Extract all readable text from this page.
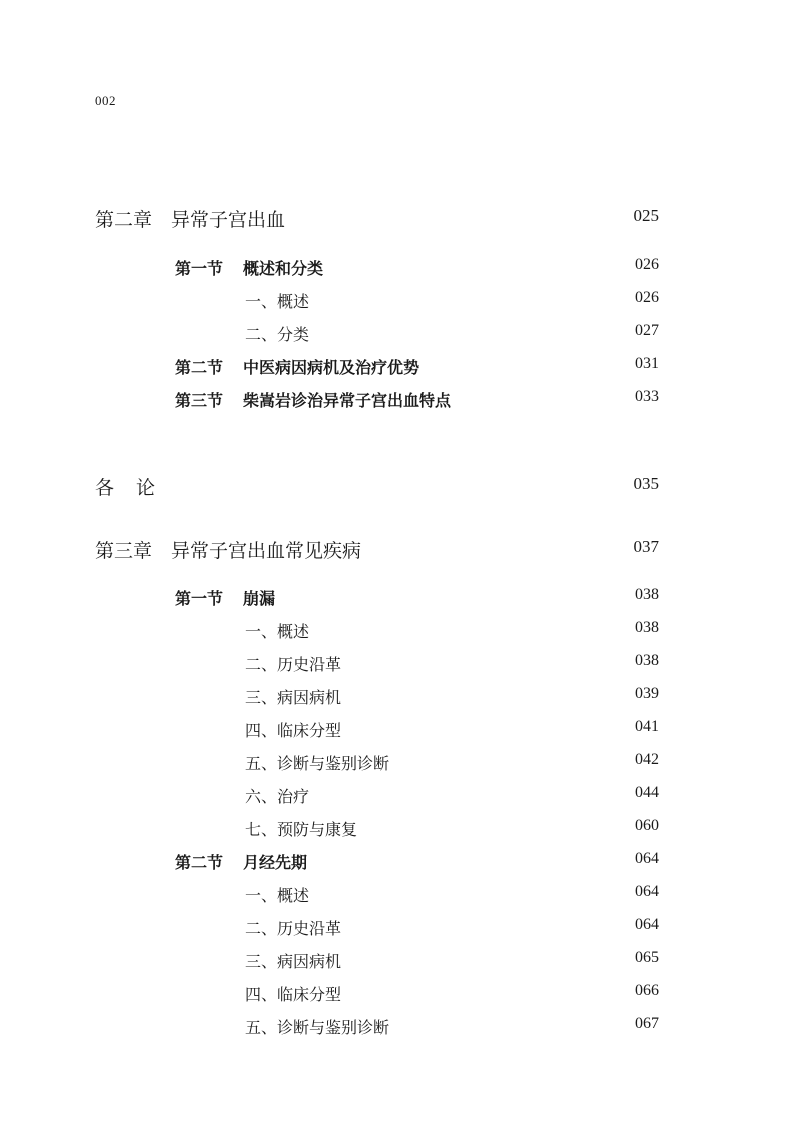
002
第二章 异常子宫出血	025
第一节 概述和分类	026
一、概述	026
二、分类	027
第二节 中医病因病机及治疗优势	031
第三节 柴嵩岩诊治异常子宫出血特点	033
各论	035
第三章 异常子宫出血常见疾病	037
第一节 崩漏	038
一、概述	038
二、历史沿革	038
三、病因病机	039
四、临床分型	041
五、诊断与鉴别诊断	042
六、治疗	044
七、预防与康复	060
第二节 月经先期	064
一、概述	064
二、历史沿革	064
三、病因病机	065
四、临床分型	066
五、诊断与鉴别诊断	067
